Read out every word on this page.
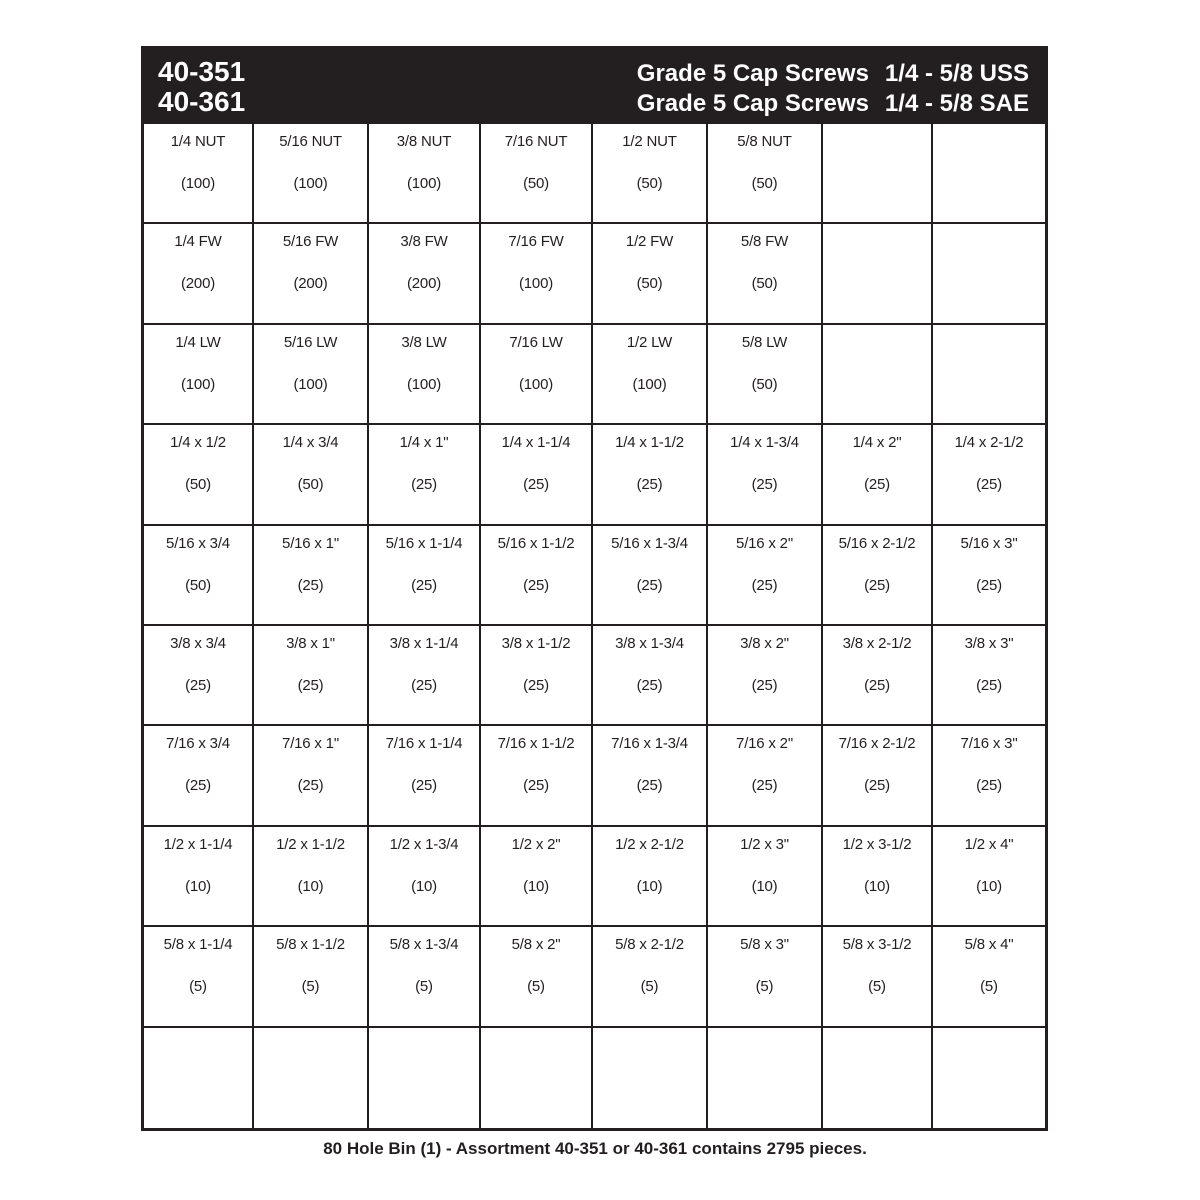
40-351
40-361
Grade 5 Cap Screws 1/4 - 5/8 USS
Grade 5 Cap Screws 1/4 - 5/8 SAE
1/4 NUT
(100)
5/16 NUT
(100)
3/8 NUT
(100)
7/16 NUT
(50)
1/2 NUT
(50)
5/8 NUT
(50)
1/4 FW
(200)
5/16 FW
(200)
3/8 FW
(200)
7/16 FW
(100)
1/2 FW
(50)
5/8 FW
(50)
1/4 LW
(100)
5/16 LW
(100)
3/8 LW
(100)
7/16 LW
(100)
1/2 LW
(100)
5/8 LW
(50)
1/4 x 1/2
(50)
1/4 x 3/4
(50)
1/4 x 1"
(25)
1/4 x 1-1/4
(25)
1/4 x 1-1/2
(25)
1/4 x 1-3/4
(25)
1/4 x 2"
(25)
1/4 x 2-1/2
(25)
5/16 x 3/4
(50)
5/16 x 1"
(25)
5/16 x 1-1/4
(25)
5/16 x 1-1/2
(25)
5/16 x 1-3/4
(25)
5/16 x 2"
(25)
5/16 x 2-1/2
(25)
5/16 x 3"
(25)
3/8 x 3/4
(25)
3/8 x 1"
(25)
3/8 x 1-1/4
(25)
3/8 x 1-1/2
(25)
3/8 x 1-3/4
(25)
3/8 x 2"
(25)
3/8 x 2-1/2
(25)
3/8 x 3"
(25)
7/16 x 3/4
(25)
7/16 x 1"
(25)
7/16 x 1-1/4
(25)
7/16 x 1-1/2
(25)
7/16 x 1-3/4
(25)
7/16 x 2"
(25)
7/16 x 2-1/2
(25)
7/16 x 3"
(25)
1/2 x 1-1/4
(10)
1/2 x 1-1/2
(10)
1/2 x 1-3/4
(10)
1/2 x 2"
(10)
1/2 x 2-1/2
(10)
1/2 x 3"
(10)
1/2 x 3-1/2
(10)
1/2 x 4"
(10)
5/8 x 1-1/4
(5)
5/8 x 1-1/2
(5)
5/8 x 1-3/4
(5)
5/8 x 2"
(5)
5/8 x 2-1/2
(5)
5/8 x 3"
(5)
5/8 x 3-1/2
(5)
5/8 x 4"
(5)
80 Hole Bin (1) - Assortment 40-351 or 40-361 contains 2795 pieces.
